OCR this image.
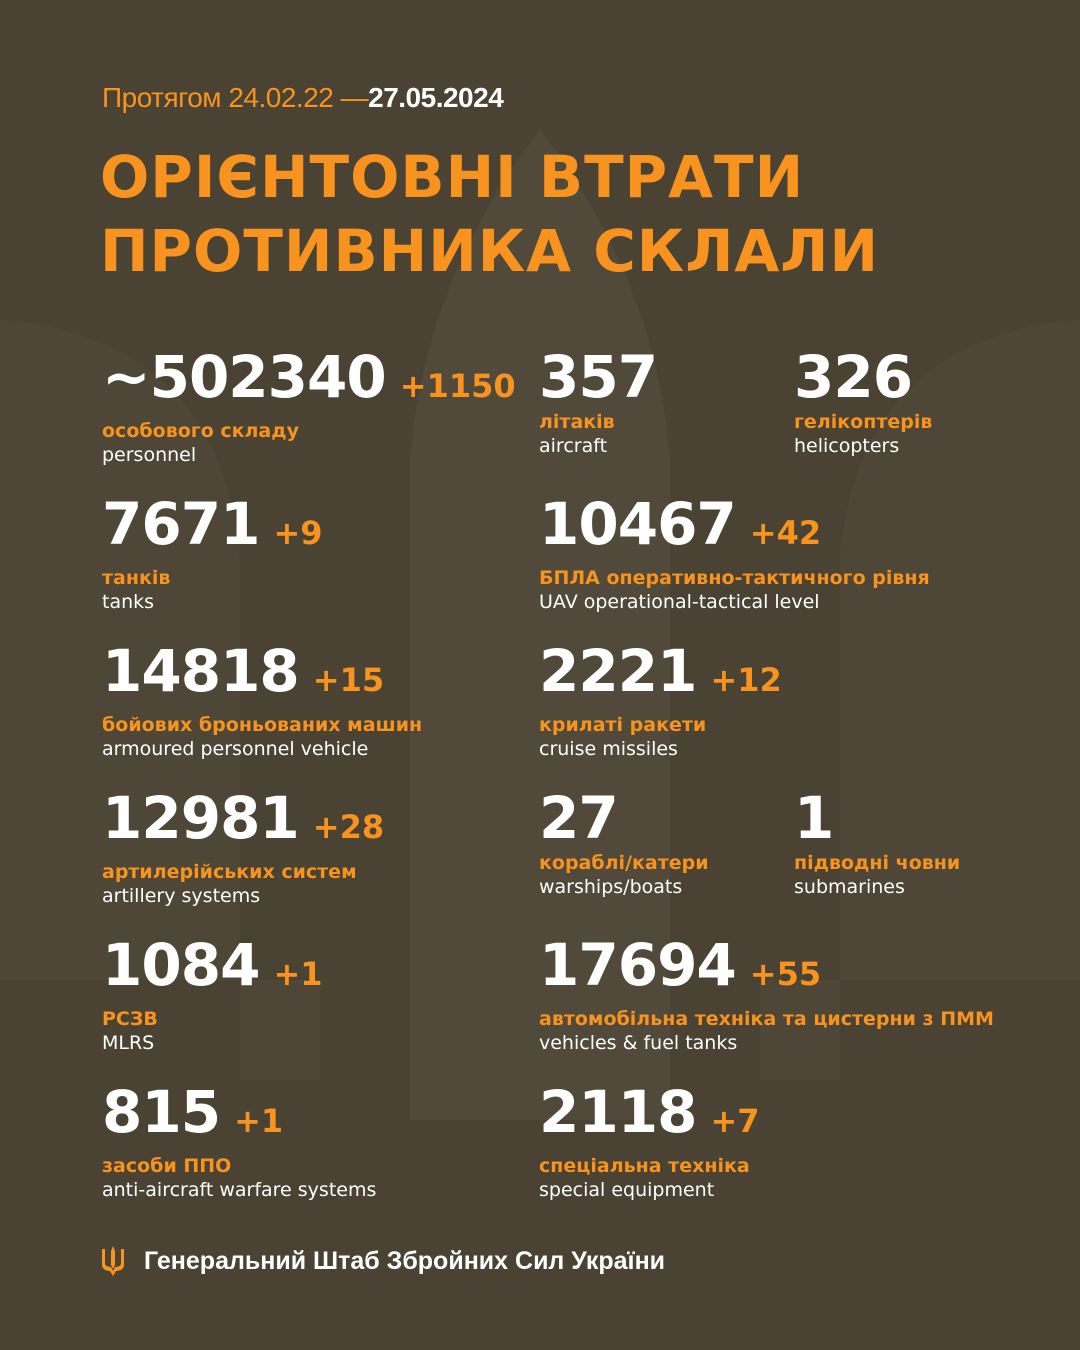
Протягом 24.02.22 —27.05.2024
ОРІЄНТОВНІ ВТРАТИ
ПРОТИВНИКА СКЛАЛИ
~502340 +1150
особового складу
personnel
357
літаків
aircraft
326
гелікоптерів
helicopters
7671 +9
танків
tanks
10467 +42
БПЛА оперативно-тактичного рівня
UAV operational-tactical level
14818 +15
бойових броньованих машин
armoured personnel vehicle
2221 +12
крилаті ракети
cruise missiles
12981 +28
артилерійських систем
artillery systems
27
кораблі/катери
warships/boats
1
підводні човни
submarines
1084 +1
РСЗВ
MLRS
17694 +55
автомобільна техніка та цистерни з ПММ
vehicles & fuel tanks
815 +1
засоби ППО
anti-aircraft warfare systems
2118 +7
спеціальна техніка
special equipment
Генеральний Штаб Збройних Сил України
